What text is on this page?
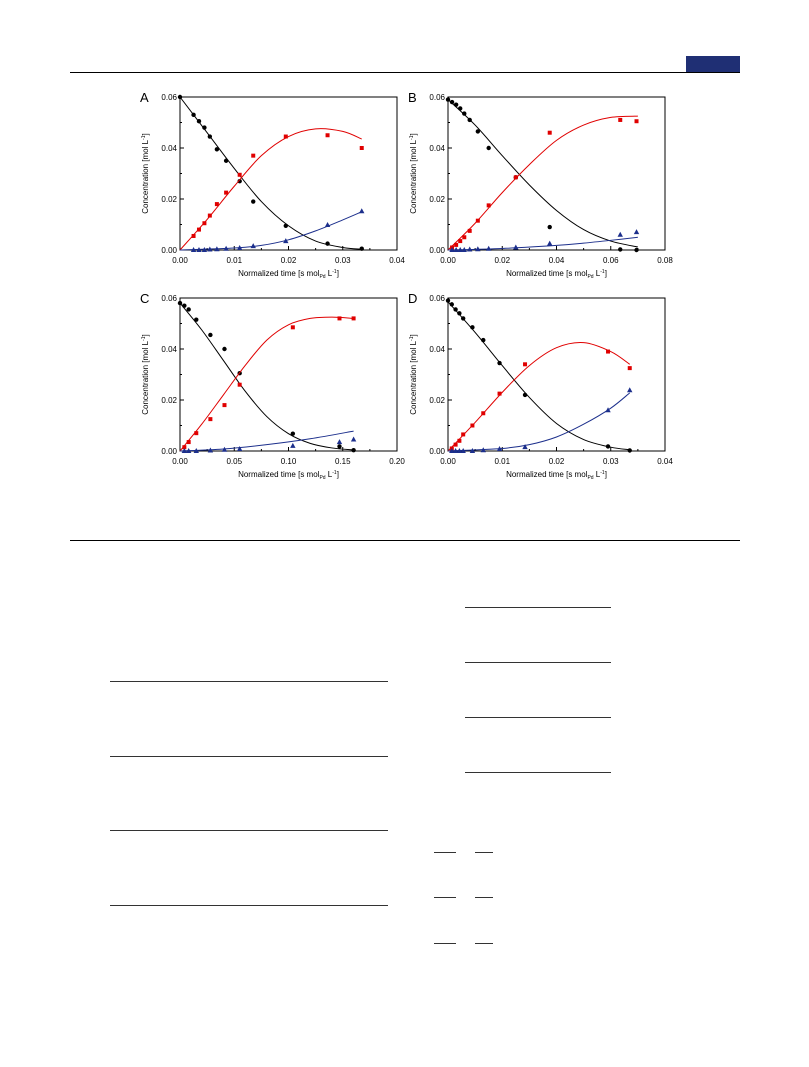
A
0.00	0.01	0.02	0.03	0.04
0.00
0.02
0.04
0.06
Normalized time [s mol$_{Pd}$ $L^{-1}$]
Concentration [mol $L^{-1}$]
B
0.00	0.02	0.04	0.06	0.08
0.00
0.02
0.04
0.06
Normalized time [s mol$_{Pd}$ $L^{-1}$]
Concentration [mol $L^{-1}$]
C
0.00	0.05	0.10	0.15	0.20
0.00
0.02
0.04
0.06
Normalized time [s mol$_{Pd}$ $L^{-1}$]
Concentration [mol $L^{-1}$]
D
0.00	0.01	0.02	0.03	0.04
0.00
0.02
0.04
0.06
Normalized time [s mol$_{Pd}$ $L^{-1}$]
Concentration [mol $L^{-1}$]
